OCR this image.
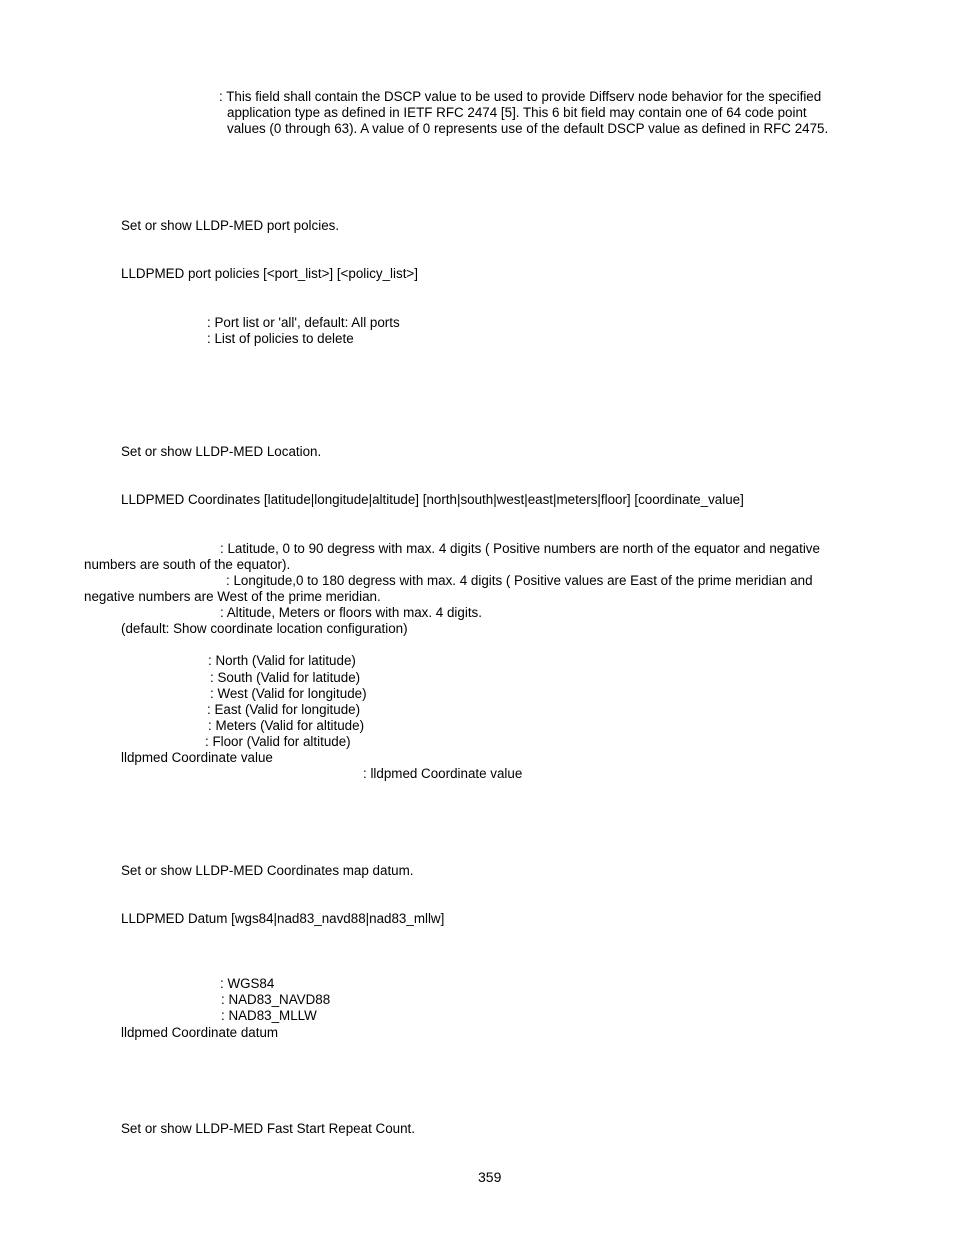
: This field shall contain the DSCP value to be used to provide Diffserv node behavior for the specified
application type as defined in IETF RFC 2474 [5]. This 6 bit field may contain one of 64 code point
values (0 through 63). A value of 0 represents use of the default DSCP value as defined in RFC 2475.
Set or show LLDP-MED port polcies.
LLDPMED port policies [<port_list>] [<policy_list>]
: Port list or 'all', default: All ports
: List of policies to delete
Set or show LLDP-MED Location.
LLDPMED Coordinates [latitude|longitude|altitude] [north|south|west|east|meters|floor] [coordinate_value]
: Latitude, 0 to 90 degress with max. 4 digits ( Positive numbers are north of the equator and negative
numbers are south of the equator).
: Longitude,0 to 180 degress with max. 4 digits ( Positive values are East of the prime meridian and
negative numbers are West of the prime meridian.
: Altitude, Meters or floors with max. 4 digits.
(default: Show coordinate location configuration)
: North (Valid for latitude)
: South (Valid for latitude)
: West (Valid for longitude)
: East (Valid for longitude)
: Meters (Valid for altitude)
: Floor (Valid for altitude)
lldpmed Coordinate value
: lldpmed Coordinate value
Set or show LLDP-MED Coordinates map datum.
LLDPMED Datum [wgs84|nad83_navd88|nad83_mllw]
: WGS84
: NAD83_NAVD88
: NAD83_MLLW
lldpmed Coordinate datum
Set or show LLDP-MED Fast Start Repeat Count.
359
